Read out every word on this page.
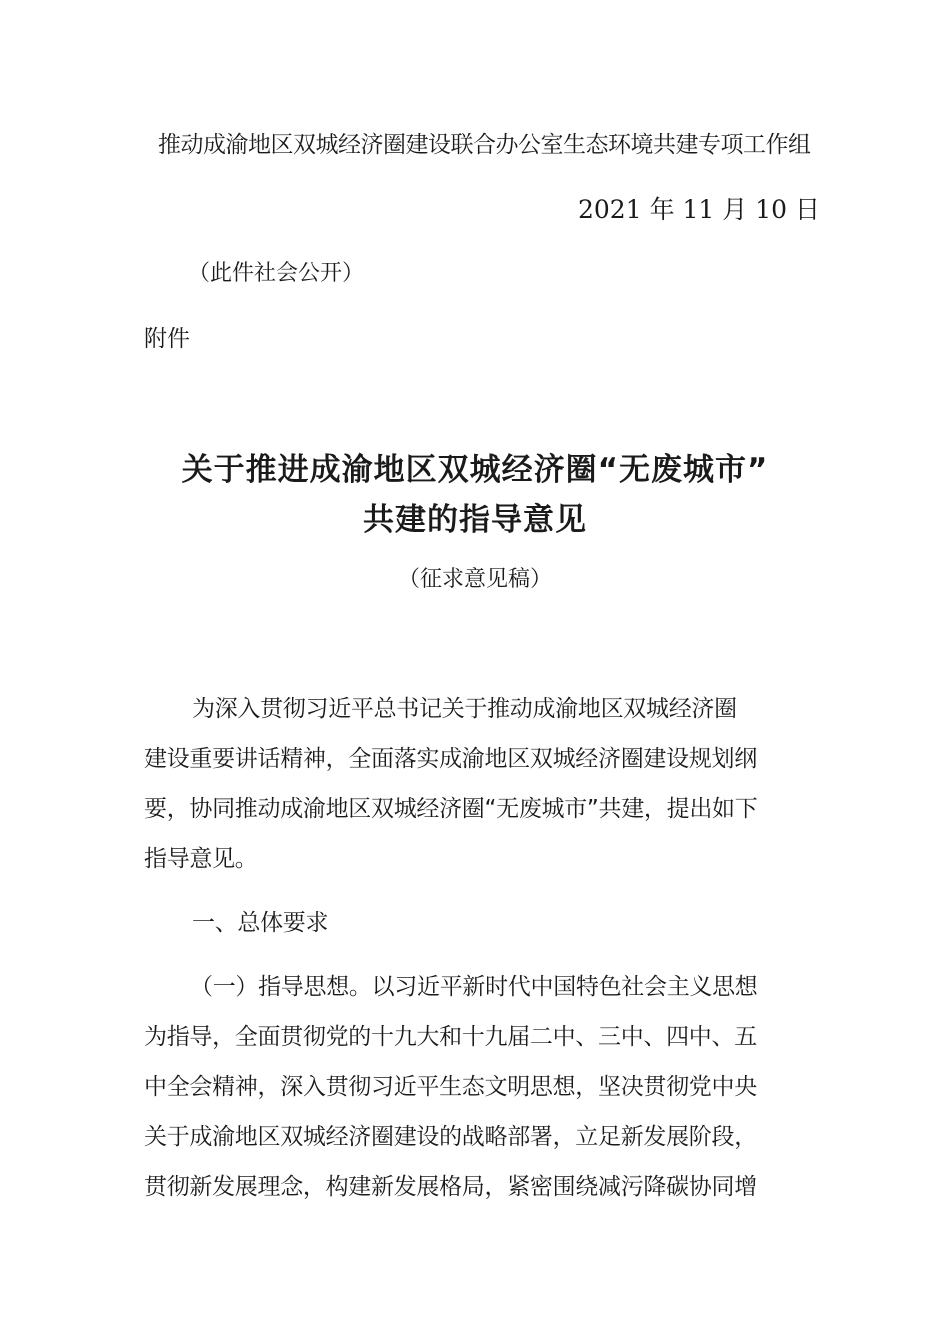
推动成渝地区双城经济圈建设联合办公室生态环境共建专项工作组

2021 年 11 月 10 日

（此件社会公开）

附件

关于推进成渝地区双城经济圈“无废城市”
共建的指导意见

（征求意见稿）

为深入贯彻习近平总书记关于推动成渝地区双城经济圈

建设重要讲话精神，全面落实成渝地区双城经济圈建设规划纲

要，协同推动成渝地区双城经济圈“无废城市”共建，提出如下

指导意见。

一、总体要求

（一）指导思想。以习近平新时代中国特色社会主义思想

为指导，全面贯彻党的十九大和十九届二中、三中、四中、五

中全会精神，深入贯彻习近平生态文明思想，坚决贯彻党中央

关于成渝地区双城经济圈建设的战略部署，立足新发展阶段，

贯彻新发展理念，构建新发展格局，紧密围绕减污降碳协同增
